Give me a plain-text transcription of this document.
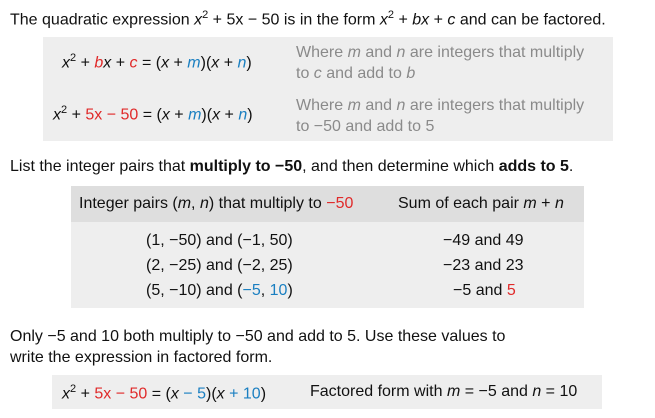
The quadratic expression $x^2 + 5x - 50$ is in the form $x^2$ + bx + c and can be factored.
$x^2$ + bx + c = (x + m)(x + n)
Where m and n are integers that multiply
to c and add to b
$x^2 + 5x - 50 = (x + m)(x + n)$
Where m and n are integers that multiply
to −50 and add to 5
List the integer pairs that multiply to −50, and then determine which adds to 5.
Integer pairs (m, n) that multiply to −50	Sum of each pair m + n
(1, −50) and (−1, 50)	−49 and 49
(2, −25) and (−2, 25)	−23 and 23
(5, −10) and (−5, 10)	−5 and 5
Only −5 and 10 both multiply to −50 and add to 5. Use these values to
write the expression in factored form.
$x^2 + 5x - 50 = (x - 5)(x + 10)$	Factored form with m = −5 and n = 10
